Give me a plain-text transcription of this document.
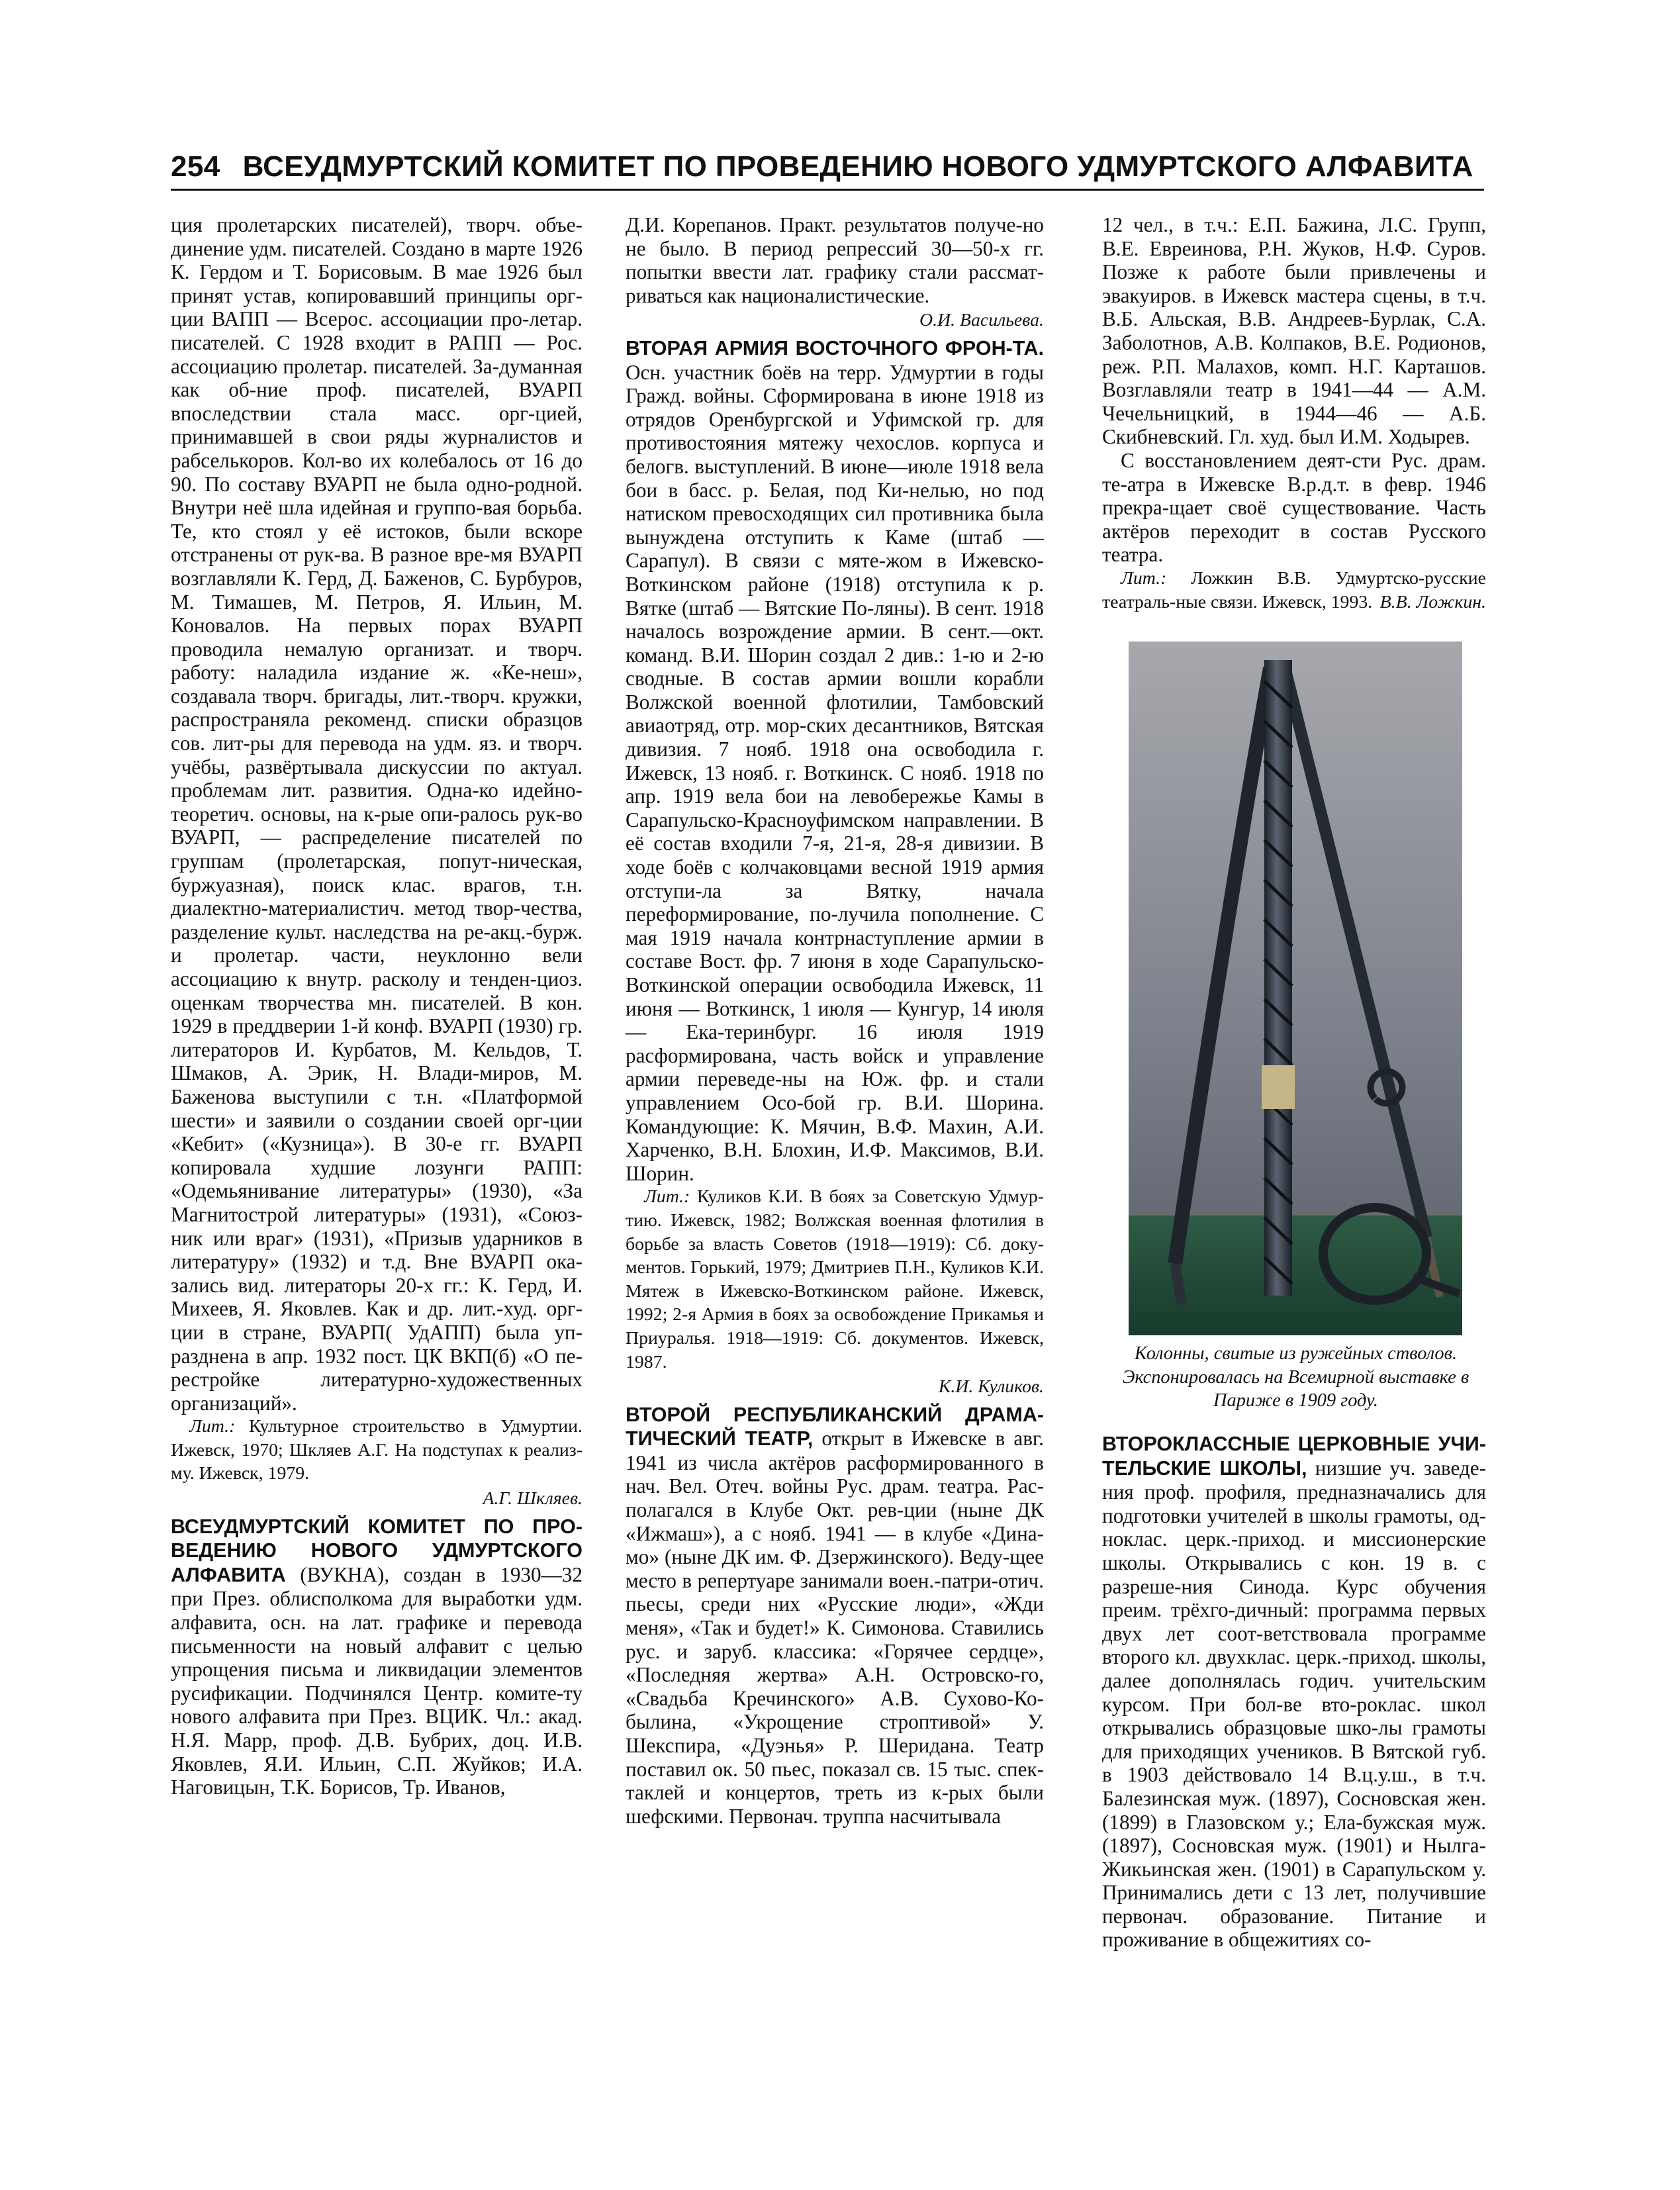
254 ВСЕУДМУРТСКИЙ КОМИТЕТ ПО ПРОВЕДЕНИЮ НОВОГО УДМУРТСКОГО АЛФАВИТА

ция пролетарских писателей), творч. объе-динение удм. писателей. Создано в марте 1926 К. Гердом и Т. Борисовым. В мае 1926 был принят устав, копировавший принципы орг-ции ВАПП — Всерос. ассоциации про-летар. писателей. С 1928 входит в РАПП — Рос. ассоциацию пролетар. писателей. За-думанная как об-ние проф. писателей, ВУАРП впоследствии стала масс. орг-цией, принимавшей в свои ряды журналистов и рабселькоров. Кол-во их колебалось от 16 до 90. По составу ВУАРП не была одно-родной. Внутри неё шла идейная и группо-вая борьба. Те, кто стоял у её истоков, были вскоре отстранены от рук-ва. В разное вре-мя ВУАРП возглавляли К. Герд, Д. Баженов, С. Бурбуров, М. Тимашев, М. Петров, Я. Ильин, М. Коновалов. На первых порах ВУАРП проводила немалую организат. и творч. работу: наладила издание ж. «Ке-неш», создавала творч. бригады, лит.-творч. кружки, распространяла рекоменд. списки образцов сов. лит-ры для перевода на удм. яз. и творч. учёбы, развёртывала дискуссии по актуал. проблемам лит. развития. Одна-ко идейно-теоретич. основы, на к-рые опи-ралось рук-во ВУАРП, — распределение писателей по группам (пролетарская, попут-ническая, буржуазная), поиск клас. врагов, т.н. диалектно-материалистич. метод твор-чества, разделение культ. наследства на ре-акц.-бурж. и пролетар. части, неуклонно вели ассоциацию к внутр. расколу и тенден-циоз. оценкам творчества мн. писателей. В кон. 1929 в преддверии 1-й конф. ВУАРП (1930) гр. литераторов И. Курбатов, М. Кельдов, Т. Шмаков, А. Эрик, Н. Влади-миров, М. Баженова выступили с т.н. «Платформой шести» и заявили о создании своей орг-ции «Кебит» («Кузница»). В 30-е гг. ВУАРП копировала худшие лозунги РАПП: «Одемьянивание литературы» (1930), «За Магнитострой литературы» (1931), «Союз-ник или враг» (1931), «Призыв ударников в литературу» (1932) и т.д. Вне ВУАРП ока-зались вид. литераторы 20-х гг.: К. Герд, И. Михеев, Я. Яковлев. Как и др. лит.-худ. орг-ции в стране, ВУАРП( УдАПП) была уп-разднена в апр. 1932 пост. ЦК ВКП(б) «О пе-рестройке литературно-художественных организаций».

Лит.: Культурное строительство в Удмуртии. Ижевск, 1970; Шкляев А.Г. На подступах к реализ-му. Ижевск, 1979.

А.Г. Шкляев.

ВСЕУДМУРТСКИЙ КОМИТЕТ ПО ПРО-ВЕДЕНИЮ НОВОГО УДМУРТСКОГО АЛФАВИТА (ВУКНА), создан в 1930—32 при През. облисполкома для выработки удм. алфавита, осн. на лат. графике и перевода письменности на новый алфавит с целью упрощения письма и ликвидации элементов русификации. Подчинялся Центр. комите-ту нового алфавита при През. ВЦИК. Чл.: акад. Н.Я. Марр, проф. Д.В. Бубрих, доц. И.В. Яковлев, Я.И. Ильин, С.П. Жуйков; И.А. Наговицын, Т.К. Борисов, Тр. Иванов,

Д.И. Корепанов. Практ. результатов получе-но не было. В период репрессий 30—50-х гг. попытки ввести лат. графику стали рассмат-риваться как националистические.

О.И. Васильева.

ВТОРАЯ АРМИЯ ВОСТОЧНОГО ФРОН-ТА. Осн. участник боёв на терр. Удмуртии в годы Гражд. войны. Сформирована в июне 1918 из отрядов Оренбургской и Уфимской гр. для противостояния мятежу чехослов. корпуса и белогв. выступлений. В июне—июле 1918 вела бои в басс. р. Белая, под Ки-нелью, но под натиском превосходящих сил противника была вынуждена отступить к Каме (штаб — Сарапул). В связи с мяте-жом в Ижевско-Воткинском районе (1918) отступила к р. Вятке (штаб — Вятские По-ляны). В сент. 1918 началось возрождение армии. В сент.—окт. команд. В.И. Шорин создал 2 див.: 1-ю и 2-ю сводные. В состав армии вошли корабли Волжской военной флотилии, Тамбовский авиаотряд, отр. мор-ских десантников, Вятская дивизия. 7 нояб. 1918 она освободила г. Ижевск, 13 нояб. г. Воткинск. С нояб. 1918 по апр. 1919 вела бои на левобережье Камы в Сарапульско-Красноуфимском направлении. В её состав входили 7-я, 21-я, 28-я дивизии. В ходе боёв с колчаковцами весной 1919 армия отступи-ла за Вятку, начала переформирование, по-лучила пополнение. С мая 1919 начала контрнаступление армии в составе Вост. фр. 7 июня в ходе Сарапульско-Воткинской операции освободила Ижевск, 11 июня — Воткинск, 1 июля — Кунгур, 14 июля — Ека-теринбург. 16 июля 1919 расформирована, часть войск и управление армии переведе-ны на Юж. фр. и стали управлением Осо-бой гр. В.И. Шорина. Командующие: К. Мячин, В.Ф. Махин, А.И. Харченко, В.Н. Блохин, И.Ф. Максимов, В.И. Шорин.

Лит.: Куликов К.И. В боях за Советскую Удмур-тию. Ижевск, 1982; Волжская военная флотилия в борьбе за власть Советов (1918—1919): Сб. доку-ментов. Горький, 1979; Дмитриев П.Н., Куликов К.И. Мятеж в Ижевско-Воткинском районе. Ижевск, 1992; 2-я Армия в боях за освобождение Прикамья и Приуралья. 1918—1919: Сб. документов. Ижевск, 1987.

К.И. Куликов.

ВТОРОЙ РЕСПУБЛИКАНСКИЙ ДРАМА-ТИЧЕСКИЙ ТЕАТР, открыт в Ижевске в авг. 1941 из числа актёров расформированного в нач. Вел. Отеч. войны Рус. драм. театра. Рас-полагался в Клубе Окт. рев-ции (ныне ДК «Ижмаш»), а с нояб. 1941 — в клубе «Дина-мо» (ныне ДК им. Ф. Дзержинского). Веду-щее место в репертуаре занимали воен.-патри-отич. пьесы, среди них «Русские люди», «Жди меня», «Так и будет!» К. Симонова. Ставились рус. и заруб. классика: «Горячее сердце», «Последняя жертва» А.Н. Островско-го, «Свадьба Кречинского» А.В. Сухово-Ко-былина, «Укрощение строптивой» У. Шекспира, «Дуэнья» Р. Шеридана. Театр поставил ок. 50 пьес, показал св. 15 тыс. спек-таклей и концертов, треть из к-рых были шефскими. Первонач. труппа насчитывала

12 чел., в т.ч.: Е.П. Бажина, Л.С. Групп, В.Е. Евреинова, Р.Н. Жуков, Н.Ф. Суров. Позже к работе были привлечены и эвакуиров. в Ижевск мастера сцены, в т.ч. В.Б. Альская, В.В. Андреев-Бурлак, С.А. Заболотнов, А.В. Колпаков, В.Е. Родионов, реж. Р.П. Малахов, комп. Н.Г. Карташов. Возглавляли театр в 1941—44 — А.М. Чечельницкий, в 1944—46 — А.Б. Скибневский. Гл. худ. был И.М. Ходырев.

С восстановлением деят-сти Рус. драм. те-атра в Ижевске В.р.д.т. в февр. 1946 прекра-щает своё существование. Часть актёров переходит в состав Русского театра.

Лит.: Ложкин В.В. Удмуртско-русские театраль-ные связи. Ижевск, 1993. В.В. Ложкин.

Колонны, свитые из ружейных стволов. Экспонировалась на Всемирной выставке в Париже в 1909 году.

ВТОРОКЛАССНЫЕ ЦЕРКОВНЫЕ УЧИ-ТЕЛЬСКИЕ ШКОЛЫ, низшие уч. заведе-ния проф. профиля, предназначались для подготовки учителей в школы грамоты, од-ноклас. церк.-приход. и миссионерские школы. Открывались с кон. 19 в. с разреше-ния Синода. Курс обучения преим. трёхго-дичный: программа первых двух лет соот-ветствовала программе второго кл. двухклас. церк.-приход. школы, далее дополнялась годич. учительским курсом. При бол-ве вто-роклас. школ открывались образцовые шко-лы грамоты для приходящих учеников. В Вятской губ. в 1903 действовало 14 В.ц.у.ш., в т.ч. Балезинская муж. (1897), Сосновская жен. (1899) в Глазовском у.; Ела-бужская муж. (1897), Сосновская муж. (1901) и Нылга-Жикьинская жен. (1901) в Сарапульском у. Принимались дети с 13 лет, получившие первонач. образование. Питание и проживание в общежитиях со-
